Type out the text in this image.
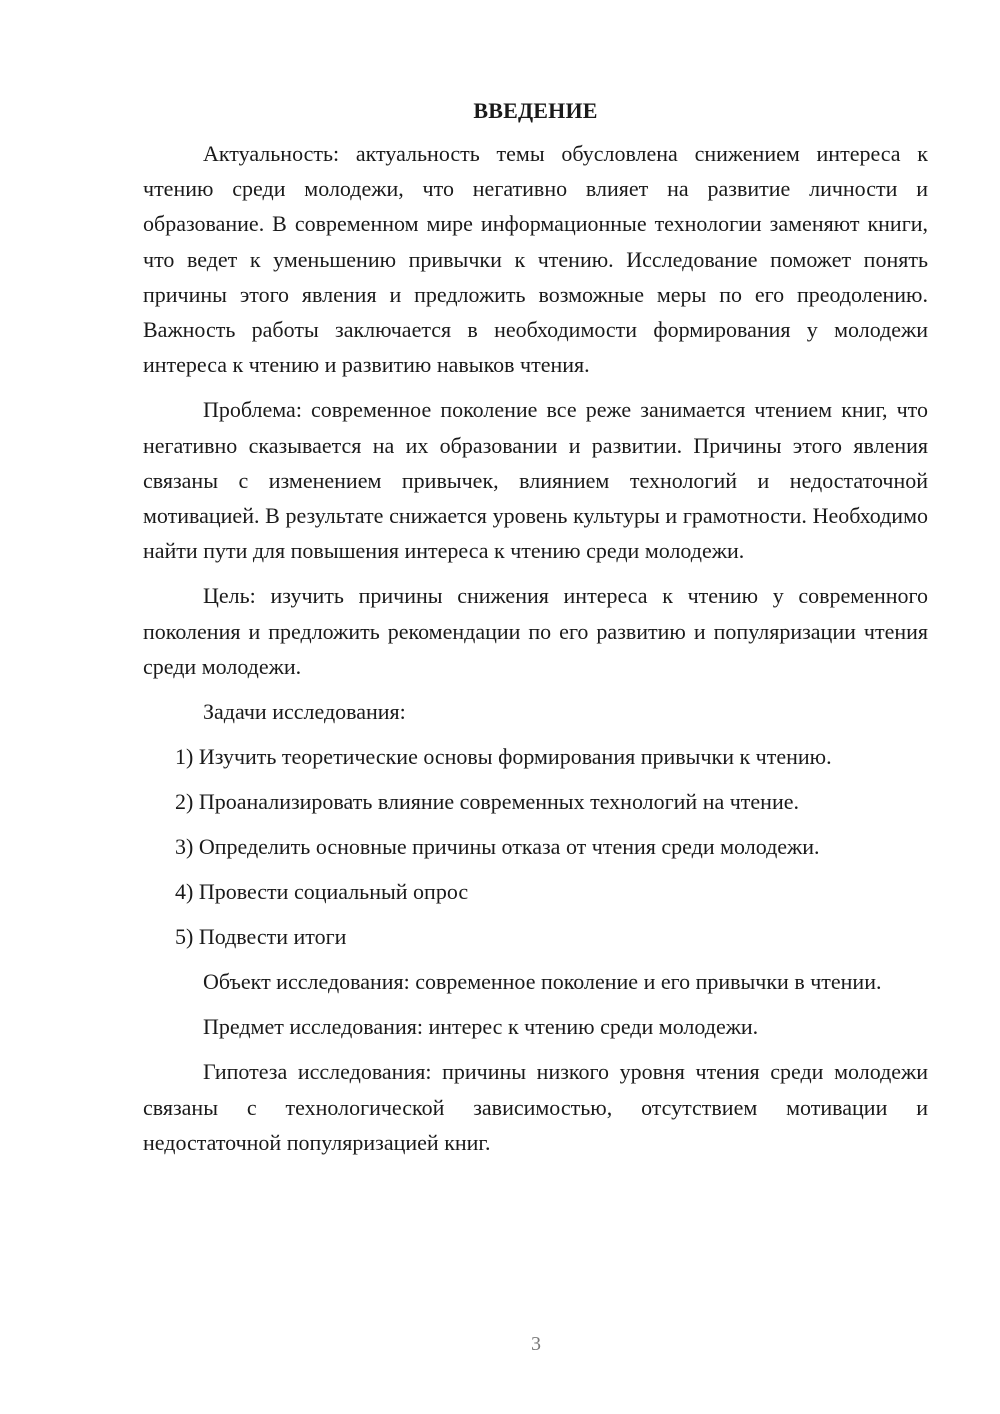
ВВЕДЕНИЕ

Актуальность: актуальность темы обусловлена снижением интереса к чтению среди молодежи, что негативно влияет на развитие личности и образование. В современном мире информационные технологии заменяют книги, что ведет к уменьшению привычки к чтению. Исследование поможет понять причины этого явления и предложить возможные меры по его преодолению. Важность работы заключается в необходимости формирования у молодежи интереса к чтению и развитию навыков чтения.

Проблема: современное поколение все реже занимается чтением книг, что негативно сказывается на их образовании и развитии. Причины этого явления связаны с изменением привычек, влиянием технологий и недостаточной мотивацией. В результате снижается уровень культуры и грамотности. Необходимо найти пути для повышения интереса к чтению среди молодежи.

Цель: изучить причины снижения интереса к чтению у современного поколения и предложить рекомендации по его развитию и популяризации чтения среди молодежи.

Задачи исследования:

1) Изучить теоретические основы формирования привычки к чтению.
2) Проанализировать влияние современных технологий на чтение.
3) Определить основные причины отказа от чтения среди молодежи.
4) Провести социальный опрос
5) Подвести итоги

Объект исследования: современное поколение и его привычки в чтении.

Предмет исследования: интерес к чтению среди молодежи.

Гипотеза исследования: причины низкого уровня чтения среди молодежи связаны с технологической зависимостью, отсутствием мотивации и недостаточной популяризацией книг.

3
